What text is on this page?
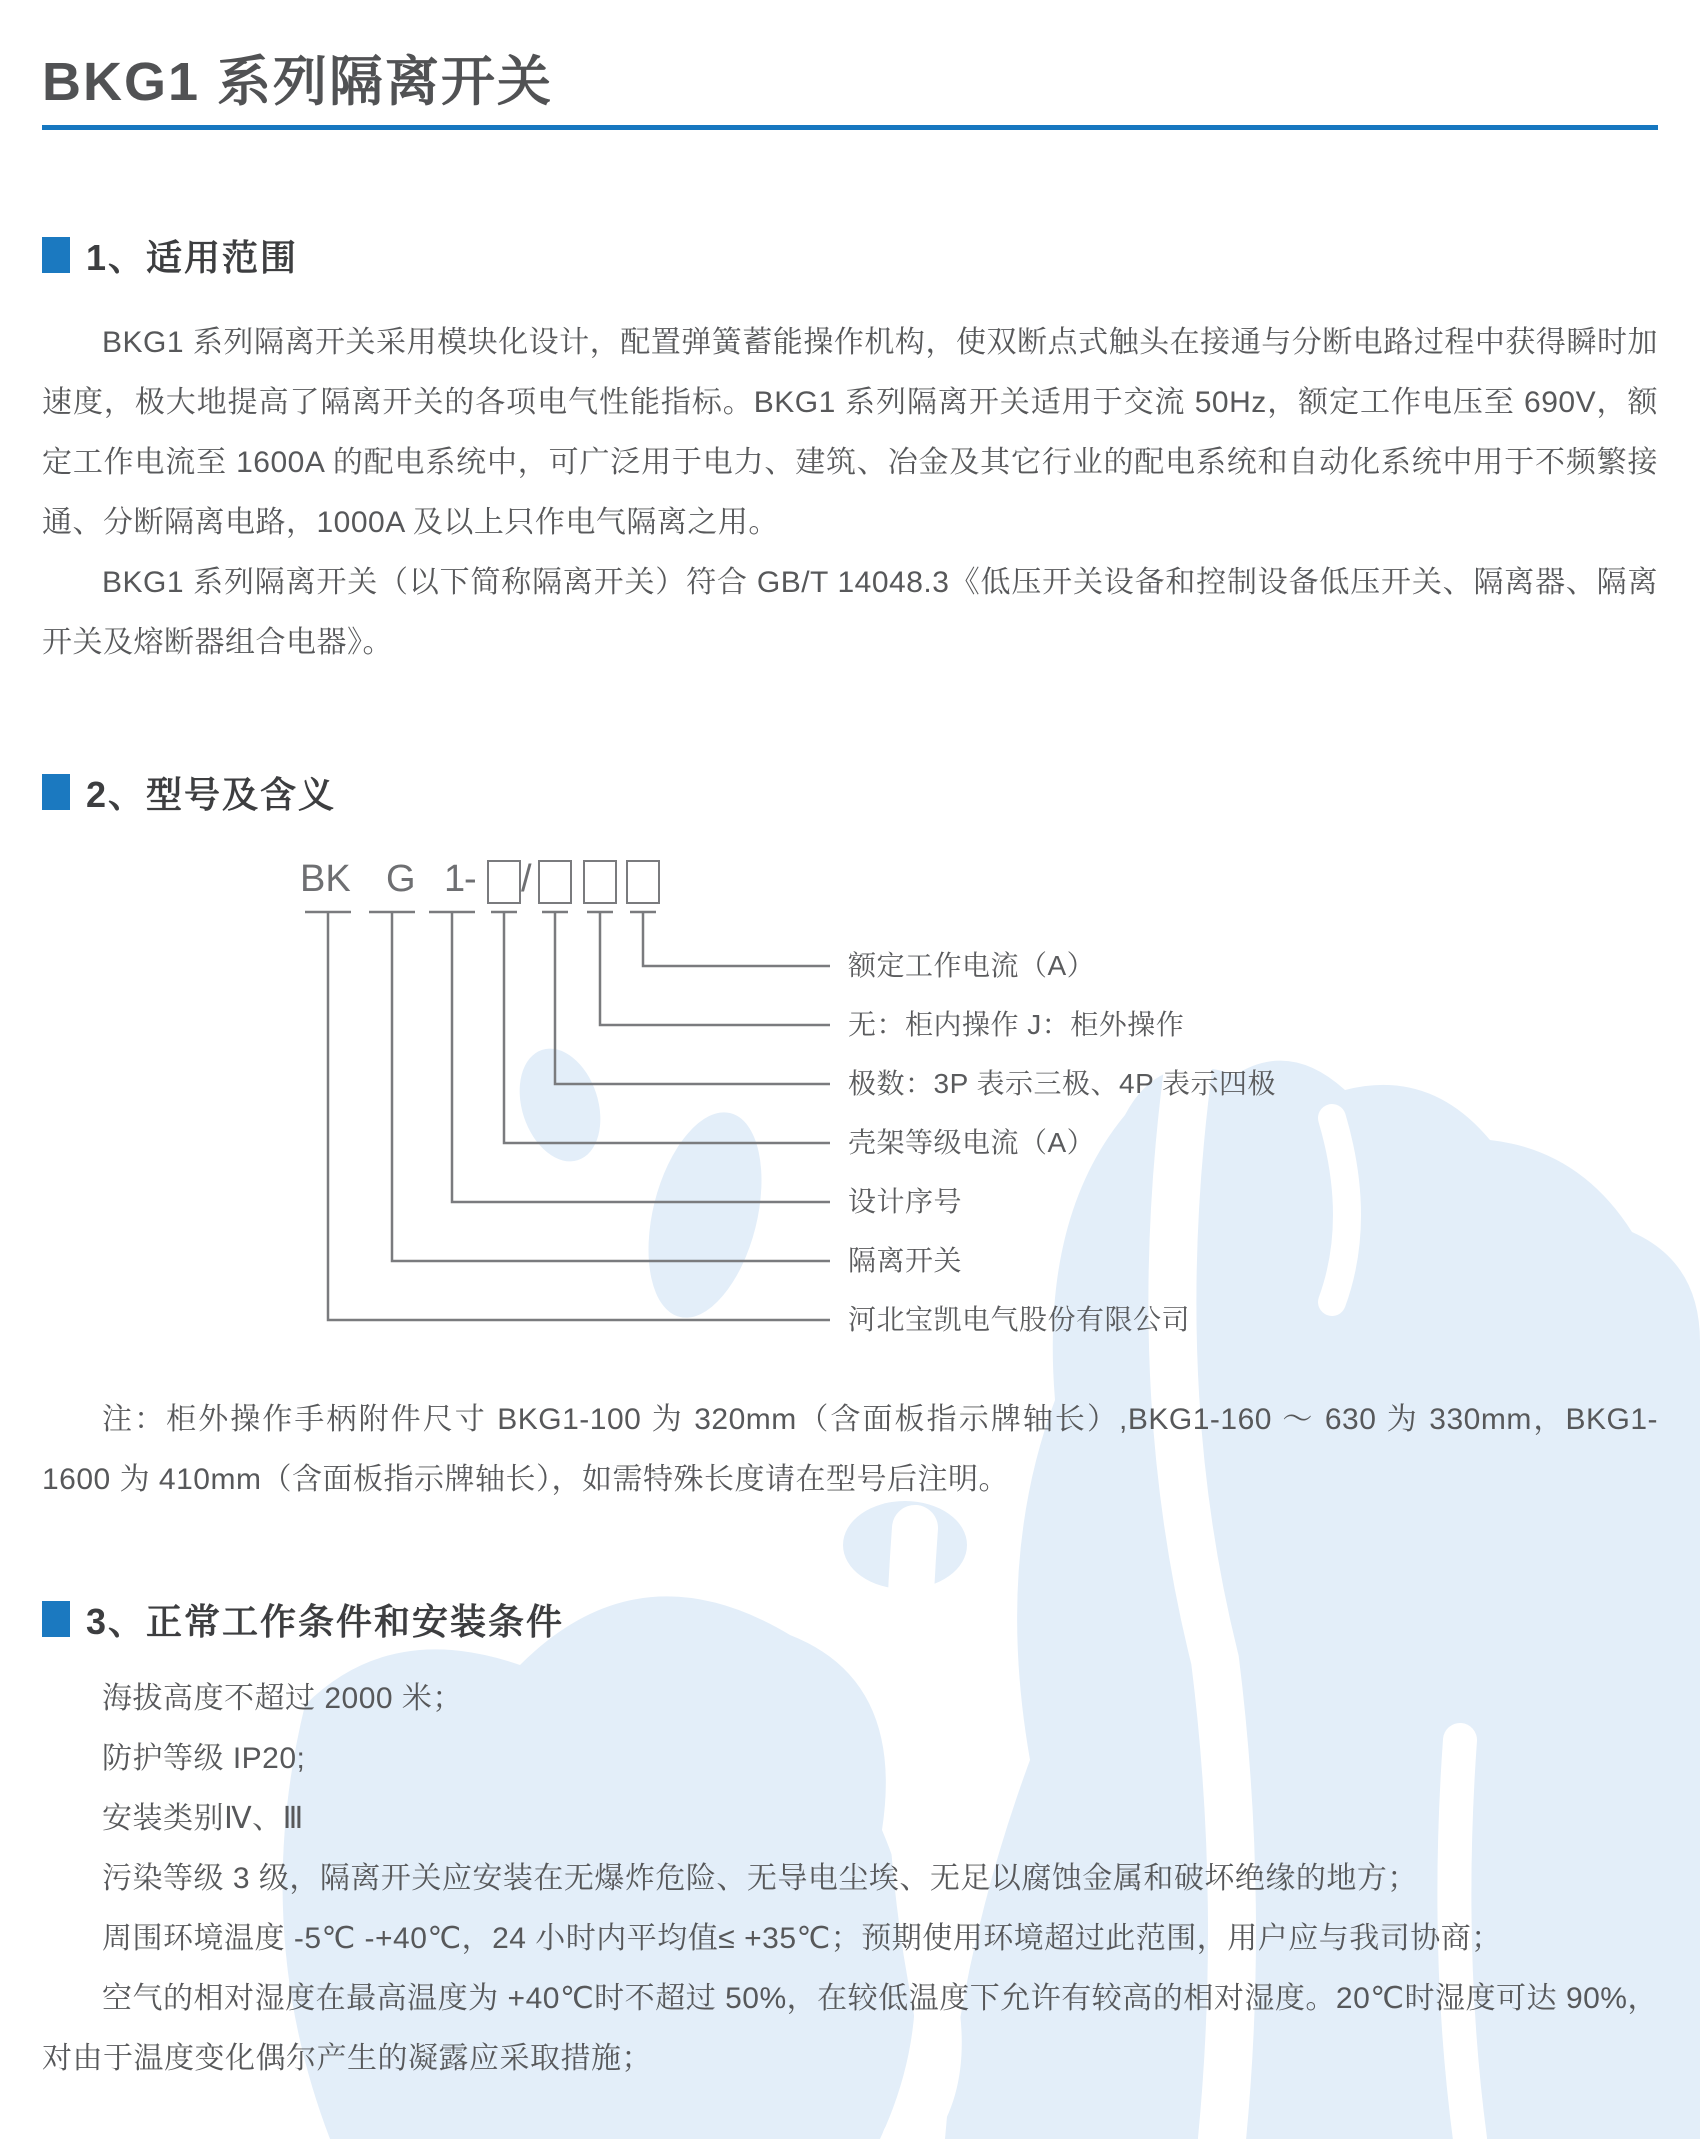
BKG1 系列隔离开关
1、适用范围

BKG1 系列隔离开关采用模块化设计，配置弹簧蓄能操作机构，使双断点式触头在接通与分断电路过程中获得瞬时加速度，极大地提高了隔离开关的各项电气性能指标。BKG1 系列隔离开关适用于交流 50Hz，额定工作电压至 690V，额定工作电流至 1600A 的配电系统中，可广泛用于电力、建筑、冶金及其它行业的配电系统和自动化系统中用于不频繁接通、分断隔离电路，1000A 及以上只作电气隔离之用。

BKG1 系列隔离开关（以下简称隔离开关）符合 GB/T 14048.3《低压开关设备和控制设备低压开关、隔离器、隔离开关及熔断器组合电器》。

2、型号及含义
BK G 1
- /
额定工作电流（A）
无：柜内操作 J：柜外操作
极数：3P 表示三极、4P 表示四极
壳架等级电流（A）
设计序号
隔离开关
河北宝凯电气股份有限公司

注：柜外操作手柄附件尺寸 BKG1-100 为 320mm（含面板指示牌轴长）,BKG1-160 ～ 630 为 330mm，BKG1-1600 为 410mm（含面板指示牌轴长），如需特殊长度请在型号后注明。

3、正常工作条件和安装条件

海拔高度不超过 2000 米；

防护等级 IP20;

安装类别Ⅳ、Ⅲ

污染等级 3 级，隔离开关应安装在无爆炸危险、无导电尘埃、无足以腐蚀金属和破坏绝缘的地方；

周围环境温度 -5℃ -+40℃，24 小时内平均值≤ +35℃；预期使用环境超过此范围，用户应与我司协商；

空气的相对湿度在最高温度为 +40℃时不超过 50%，在较低温度下允许有较高的相对湿度。20℃时湿度可达 90%，对由于温度变化偶尔产生的凝露应采取措施；
